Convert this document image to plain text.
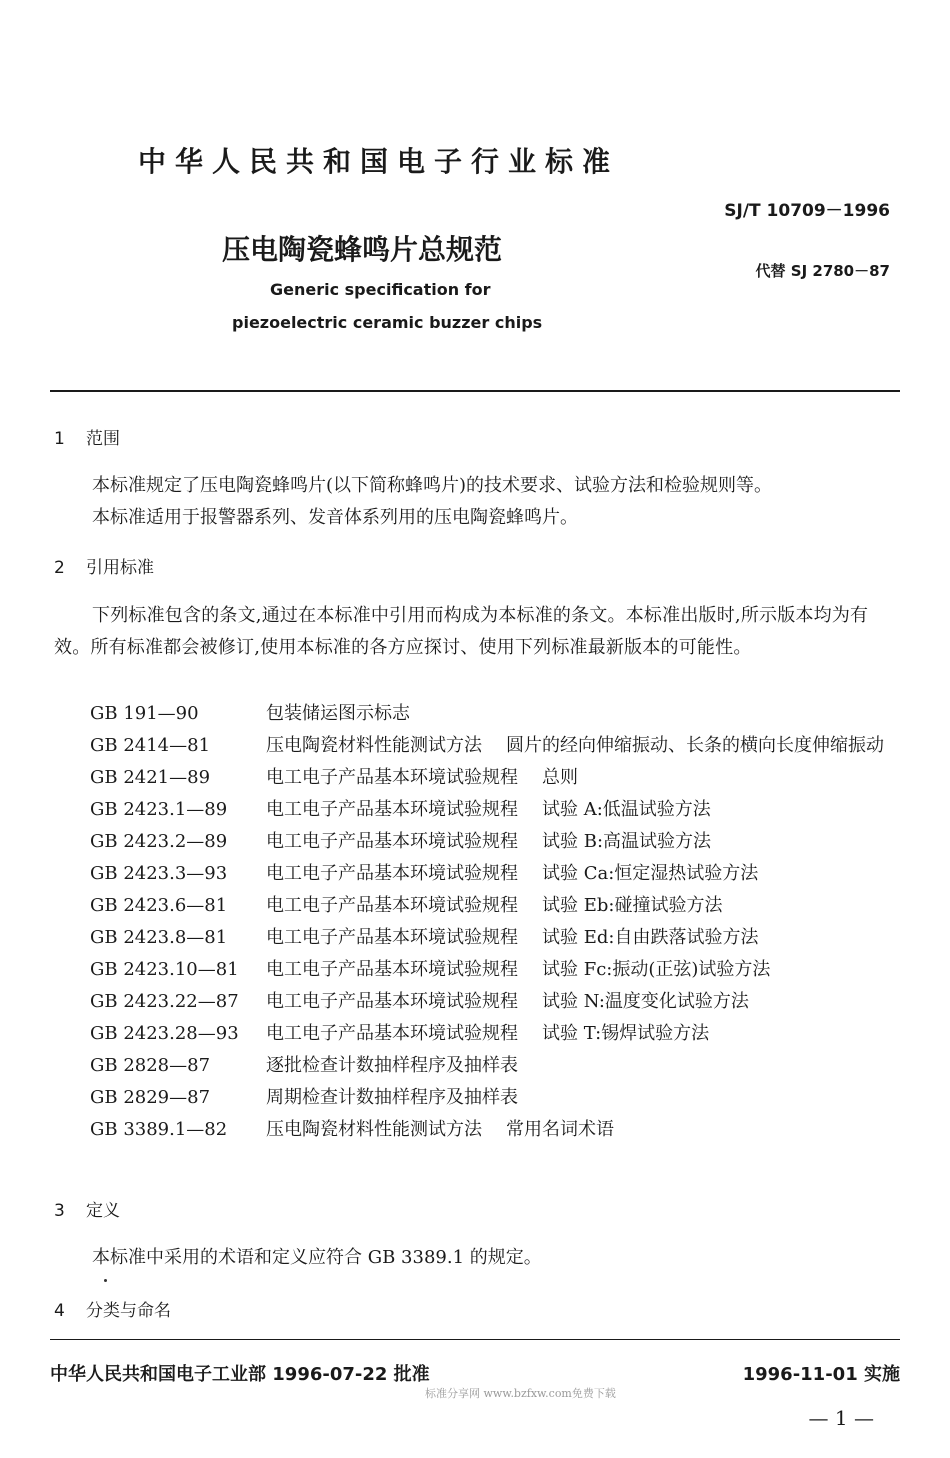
中华人民共和国电子行业标准
SJ/T 10709－1996
压电陶瓷蜂鸣片总规范
代替 SJ 2780－87
Generic specification for
piezoelectric ceramic buzzer chips
1 范围
本标准规定了压电陶瓷蜂鸣片(以下简称蜂鸣片)的技术要求、试验方法和检验规则等。
本标准适用于报警器系列、发音体系列用的压电陶瓷蜂鸣片。
2 引用标准
下列标准包含的条文,通过在本标准中引用而构成为本标准的条文。本标准出版时,所示版本均为有效。所有标准都会被修订,使用本标准的各方应探讨、使用下列标准最新版本的可能性。
GB 191—90	包装储运图示标志
GB 2414—81	压电陶瓷材料性能测试方法 圆片的经向伸缩振动、长条的横向长度伸缩振动
GB 2421—89	电工电子产品基本环境试验规程 总则
GB 2423.1—89	电工电子产品基本环境试验规程 试验 A:低温试验方法
GB 2423.2—89	电工电子产品基本环境试验规程 试验 B:高温试验方法
GB 2423.3—93	电工电子产品基本环境试验规程 试验 Ca:恒定湿热试验方法
GB 2423.6—81	电工电子产品基本环境试验规程 试验 Eb:碰撞试验方法
GB 2423.8—81	电工电子产品基本环境试验规程 试验 Ed:自由跌落试验方法
GB 2423.10—81	电工电子产品基本环境试验规程 试验 Fc:振动(正弦)试验方法
GB 2423.22—87	电工电子产品基本环境试验规程 试验 N:温度变化试验方法
GB 2423.28—93	电工电子产品基本环境试验规程 试验 T:锡焊试验方法
GB 2828—87	逐批检查计数抽样程序及抽样表
GB 2829—87	周期检查计数抽样程序及抽样表
GB 3389.1—82	压电陶瓷材料性能测试方法 常用名词术语
3 定义
本标准中采用的术语和定义应符合 GB 3389.1 的规定。
4 分类与命名
中华人民共和国电子工业部 1996-07-22 批准	1996-11-01 实施
标准分享网 www.bzfxw.com免费下载
— 1 —
